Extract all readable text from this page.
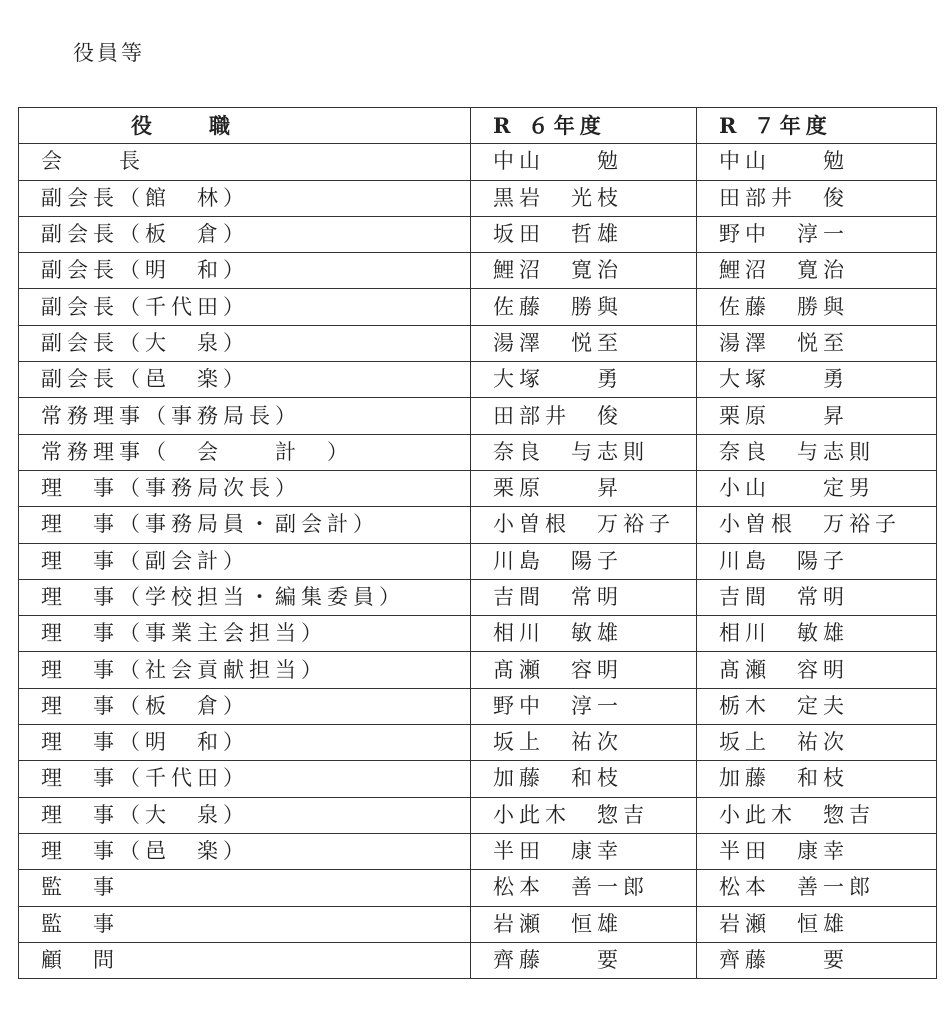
役員等
役　　職	R ６年度	R ７年度
会　　長	中山　　勉	中山　　勉
副会長（館　林）	黒岩　光枝	田部井　俊
副会長（板　倉）	坂田　哲雄	野中　淳一
副会長（明　和）	鯉沼　寛治	鯉沼　寛治
副会長（千代田）	佐藤　勝與	佐藤　勝與
副会長（大　泉）	湯澤　悦至	湯澤　悦至
副会長（邑　楽）	大塚　　勇	大塚　　勇
常務理事（事務局長）	田部井　俊	栗原　　昇
常務理事（　会　　計　）	奈良　与志則	奈良　与志則
理　事（事務局次長）	栗原　　昇	小山　　定男
理　事（事務局員・副会計）	小曽根　万裕子	小曽根　万裕子
理　事（副会計）	川島　陽子	川島　陽子
理　事（学校担当・編集委員）	吉間　常明	吉間　常明
理　事（事業主会担当）	相川　敏雄	相川　敏雄
理　事（社会貢献担当）	髙瀬　容明	髙瀬　容明
理　事（板　倉）	野中　淳一	栃木　定夫
理　事（明　和）	坂上　祐次	坂上　祐次
理　事（千代田）	加藤　和枝	加藤　和枝
理　事（大　泉）	小此木　惣吉	小此木　惣吉
理　事（邑　楽）	半田　康幸	半田　康幸
監　事	松本　善一郎	松本　善一郎
監　事	岩瀬　恒雄	岩瀬　恒雄
顧　問	齊藤　　要	齊藤　　要
